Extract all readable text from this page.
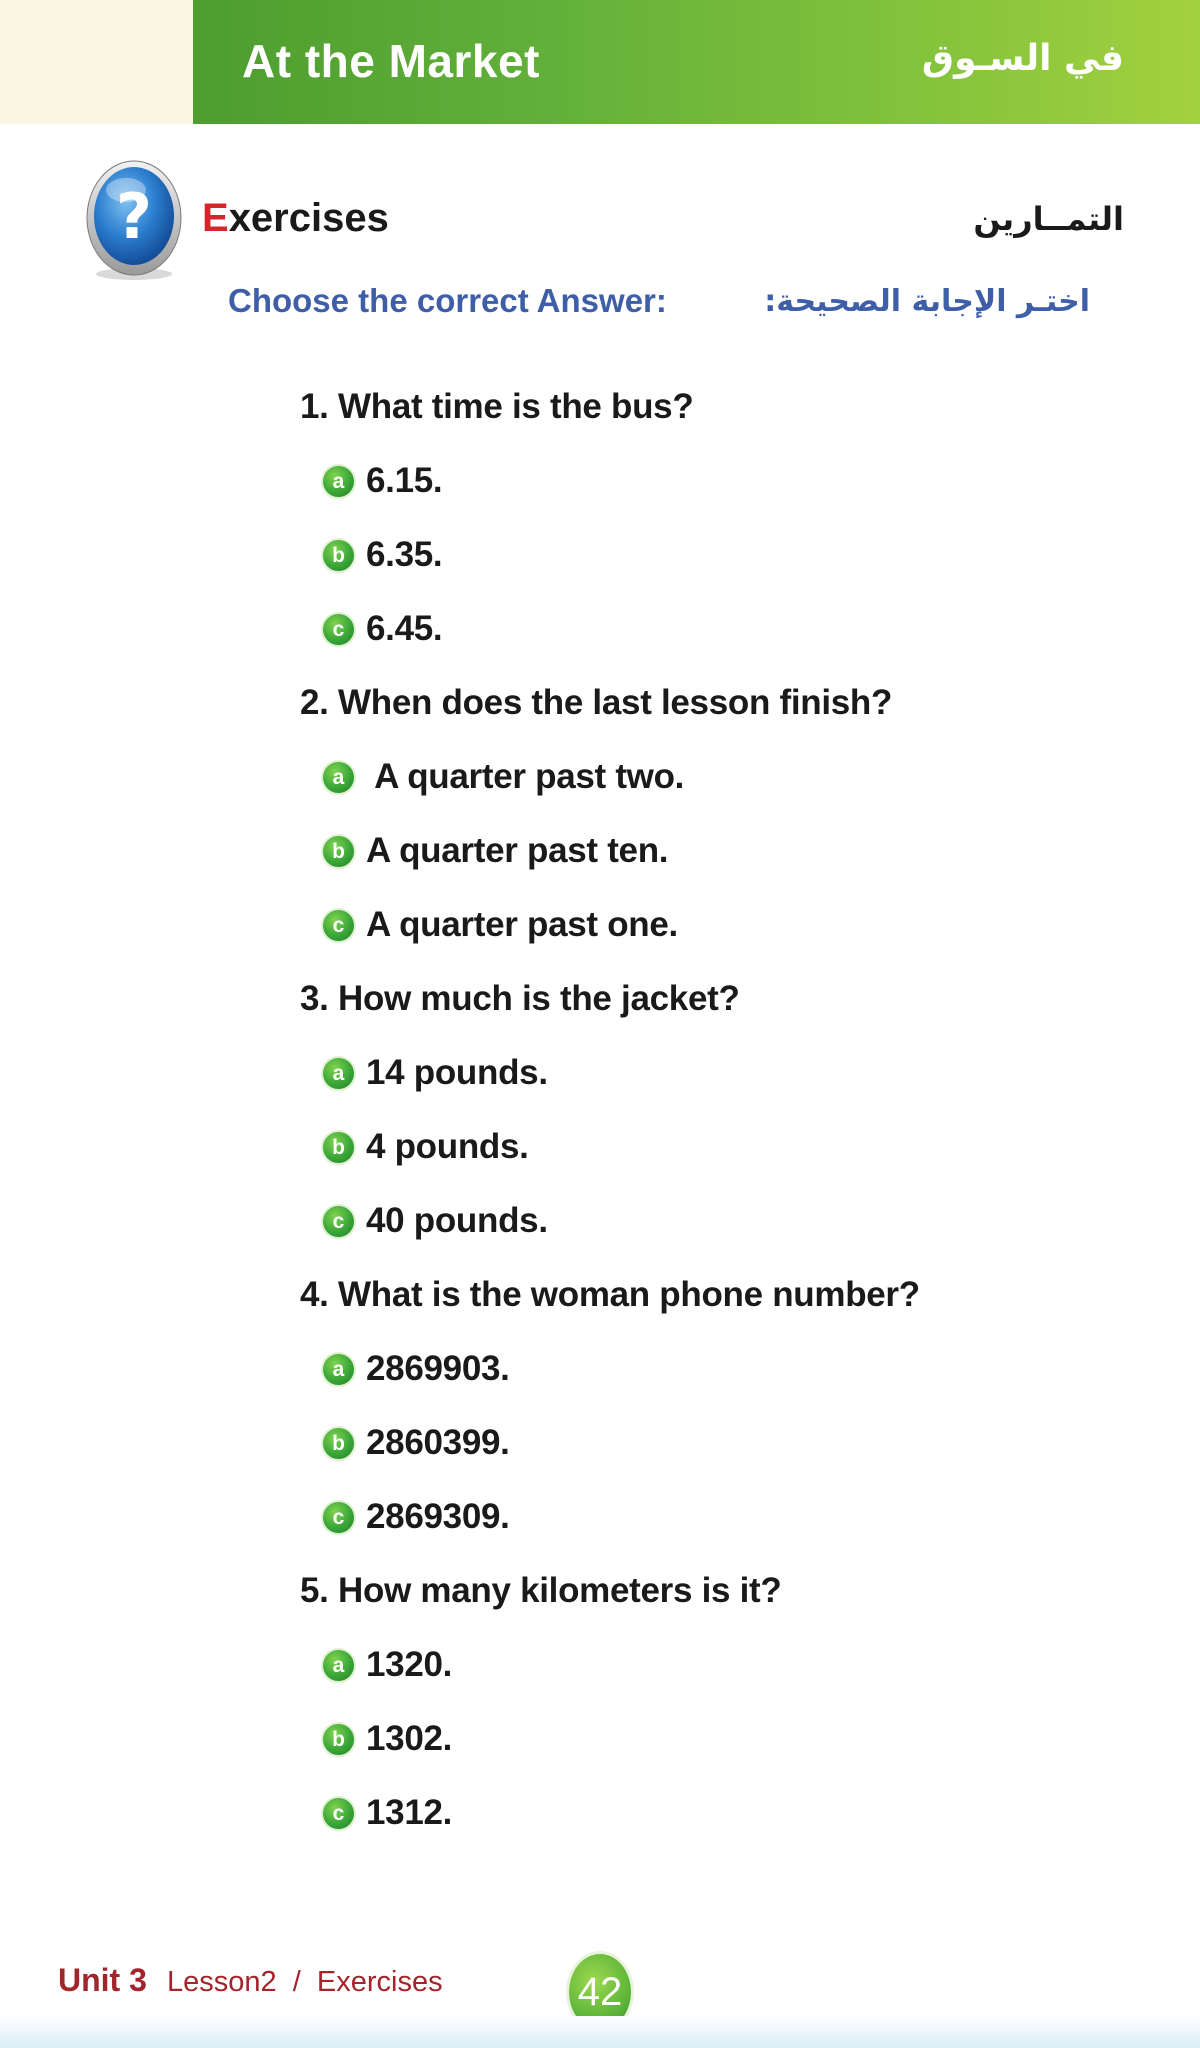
At the Market	في السـوق
? Exercises	التمــارين
Choose the correct Answer:	اختـر الإجابة الصحيحة:
1. What time is the bus?
a 6.15.
b 6.35.
c 6.45.
2. When does the last lesson finish?
a A quarter past two.
b A quarter past ten.
c A quarter past one.
3. How much is the jacket?
a 14 pounds.
b 4 pounds.
c 40 pounds.
4. What is the woman phone number?
a 2869903.
b 2860399.
c 2869309.
5. How many kilometers is it?
a 1320.
b 1302.
c 1312.
Unit 3 Lesson2  /  Exercises	42
